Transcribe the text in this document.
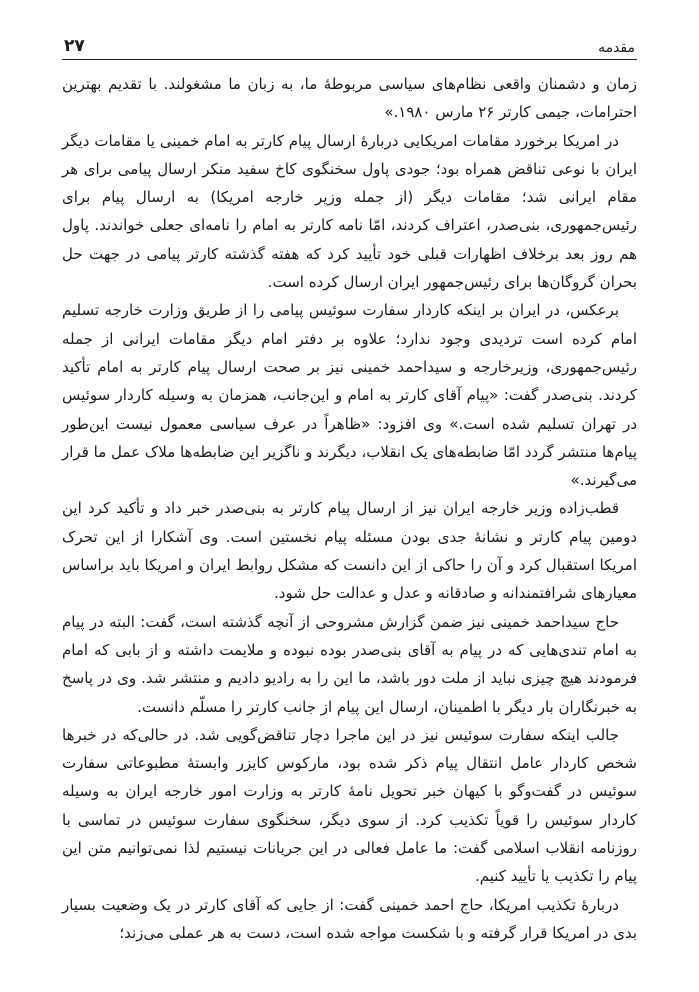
مقدمه
۲۷

زمان و دشمنان واقعی نظام‌های سیاسی مربوطهٔ ما، به زبان ما مشغولند. با تقدیم بهترین احترامات، جیمی کارتر ۲۶ مارس ۱۹۸۰.»

در امریکا برخورد مقامات امریکایی دربارهٔ ارسال پیام کارتر به امام خمینی یا مقامات دیگر ایران با نوعی تناقض همراه بود؛ جودی پاول سخنگوی کاخ سفید منکر ارسال پیامی برای هر مقام ایرانی شد؛ مقامات دیگر (از جمله وزیر خارجه امریکا) به ارسال پیام برای رئیس‌جمهوری، بنی‌صدر، اعتراف کردند، امّا نامه کارتر به امام را نامه‌ای جعلی خواندند. پاول هم روز بعد برخلاف اظهارات قبلی خود تأیید کرد که هفته گذشته کارتر پیامی در جهت حل بحران گروگان‌ها برای رئیس‌جمهور ایران ارسال کرده است.

برعکس، در ایران بر اینکه کاردار سفارت سوئیس پیامی را از طریق وزارت خارجه تسلیم امام کرده است تردیدی وجود ندارد؛ علاوه بر دفتر امام دیگر مقامات ایرانی از جمله رئیس‌جمهوری، وزیرخارجه و سیداحمد خمینی نیز بر صحت ارسال پیام کارتر به امام تأکید کردند. بنی‌صدر گفت: «پیام آقای کارتر به امام و این‌جانب، همزمان به وسیله کاردار سوئیس در تهران تسلیم شده است.» وی افزود: «ظاهراً در عرف سیاسی معمول نیست این‌طور پیام‌ها منتشر گردد امّا ضابطه‌های یک انقلاب، دیگرند و ناگزیر این ضابطه‌ها ملاک عمل ما قرار می‌گیرند.»

قطب‌زاده وزیر خارجه ایران نیز از ارسال پیام کارتر به بنی‌صدر خبر داد و تأکید کرد این دومین پیام کارتر و نشانهٔ جدی بودن مسئله پیام نخستین است. وی آشکارا از این تحرک امریکا استقبال کرد و آن را حاکی از این دانست که مشکل روابط ایران و امریکا باید براساس معیارهای شرافتمندانه و صادقانه و عدل و عدالت حل شود.

حاج سیداحمد خمینی نیز ضمن گزارش مشروحی از آنچه گذشته است، گفت: البته در پیام به امام تندی‌هایی که در پیام به آقای بنی‌صدر بوده نبوده و ملایمت داشته و از بابی که امام فرمودند هیچ چیزی نباید از ملت دور باشد، ما این را به رادیو دادیم و منتشر شد. وی در پاسخ به خبرنگاران بار دیگر با اطمینان، ارسال این پیام از جانب کارتر را مسلّم دانست.

جالب اینکه سفارت سوئیس نیز در این ماجرا دچار تناقض‌گویی شد. در حالی‌که در خبرها شخص کاردار عامل انتقال پیام ذکر شده بود، مارکوس کایزر وابستهٔ مطبوعاتی سفارت سوئیس در گفت‌وگو با کیهان خبر تحویل نامهٔ کارتر به وزارت امور خارجه ایران به وسیله کاردار سوئیس را قویاً تکذیب کرد. از سوی دیگر، سخنگوی سفارت سوئیس در تماسی با روزنامه انقلاب اسلامی گفت: ما عامل فعالی در این جریانات نیستیم لذا نمی‌توانیم متن این پیام را تکذیب یا تأیید کنیم.

دربارهٔ تکذیب امریکا، حاج احمد خمینی گفت: از جایی که آقای کارتر در یک وضعیت بسیار بدی در امریکا قرار گرفته و با شکست مواجه شده است، دست به هر عملی می‌زند؛
